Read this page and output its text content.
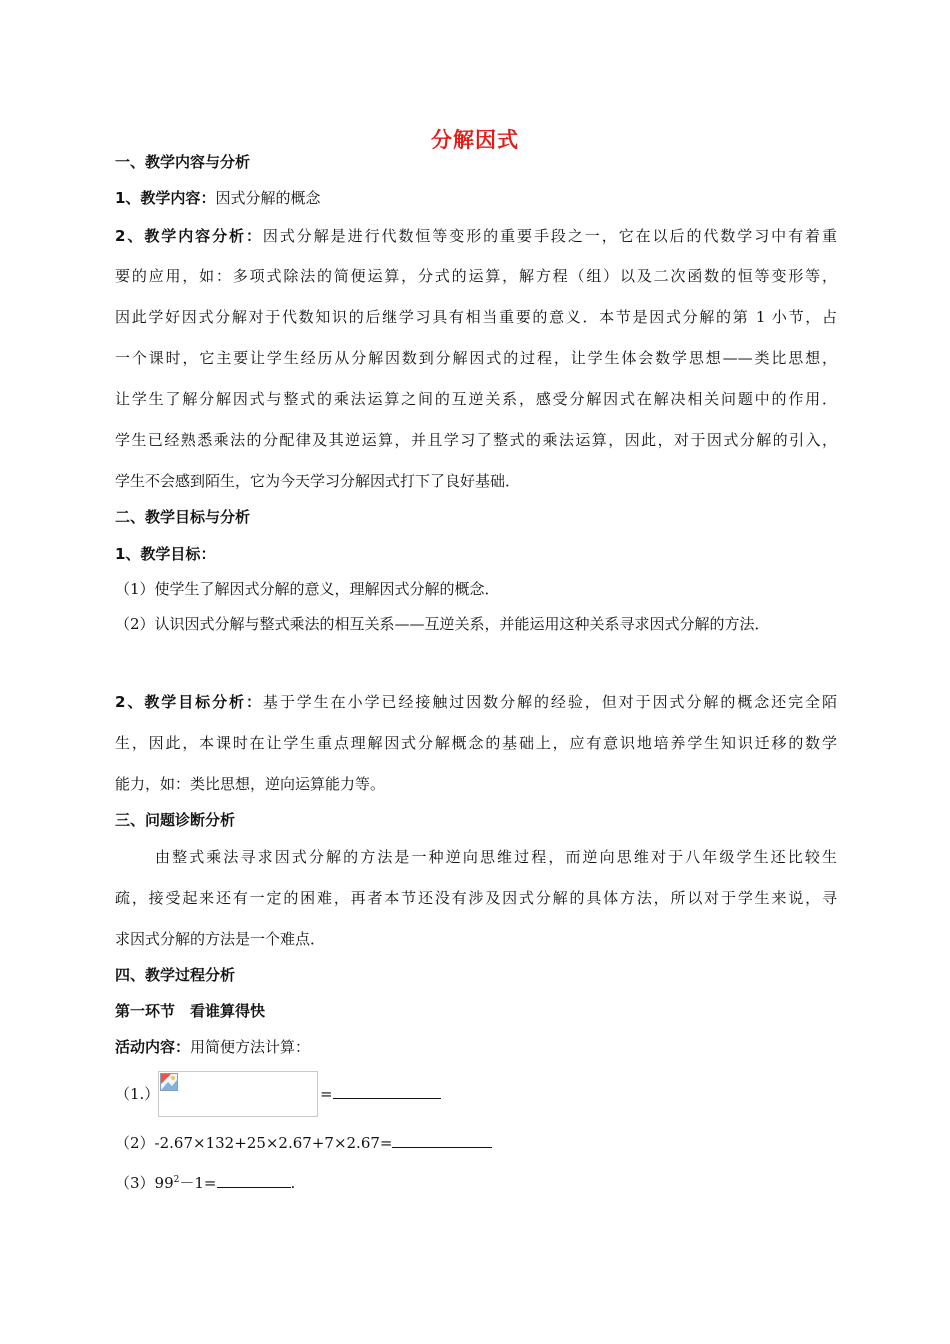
分解因式
一、教学内容与分析
1、教学内容：因式分解的概念
2、教学内容分析：因式分解是进行代数恒等变形的重要手段之一，它在以后的代数学习中有着重
要的应用，如：多项式除法的简便运算，分式的运算，解方程（组）以及二次函数的恒等变形等，
因此学好因式分解对于代数知识的后继学习具有相当重要的意义．本节是因式分解的第 1 小节，占
一个课时，它主要让学生经历从分解因数到分解因式的过程，让学生体会数学思想——类比思想，
让学生了解分解因式与整式的乘法运算之间的互逆关系，感受分解因式在解决相关问题中的作用．
学生已经熟悉乘法的分配律及其逆运算，并且学习了整式的乘法运算，因此，对于因式分解的引入，
学生不会感到陌生，它为今天学习分解因式打下了良好基础．
二、教学目标与分析
1、教学目标：
（1）使学生了解因式分解的意义，理解因式分解的概念．
（2）认识因式分解与整式乘法的相互关系——互逆关系，并能运用这种关系寻求因式分解的方法．
2、教学目标分析：基于学生在小学已经接触过因数分解的经验，但对于因式分解的概念还完全陌
生，因此，本课时在让学生重点理解因式分解概念的基础上，应有意识地培养学生知识迁移的数学
能力，如：类比思想，逆向运算能力等。
三、问题诊断分析
由整式乘法寻求因式分解的方法是一种逆向思维过程，而逆向思维对于八年级学生还比较生
疏，接受起来还有一定的困难，再者本节还没有涉及因式分解的具体方法，所以对于学生来说，寻
求因式分解的方法是一个难点．
四、教学过程分析
第一环节　看谁算得快
活动内容：用简便方法计算：
（1.）	=
（2）-2.67×132+25×2.67+7×2.67=
$(3)99^2-1=$	.
